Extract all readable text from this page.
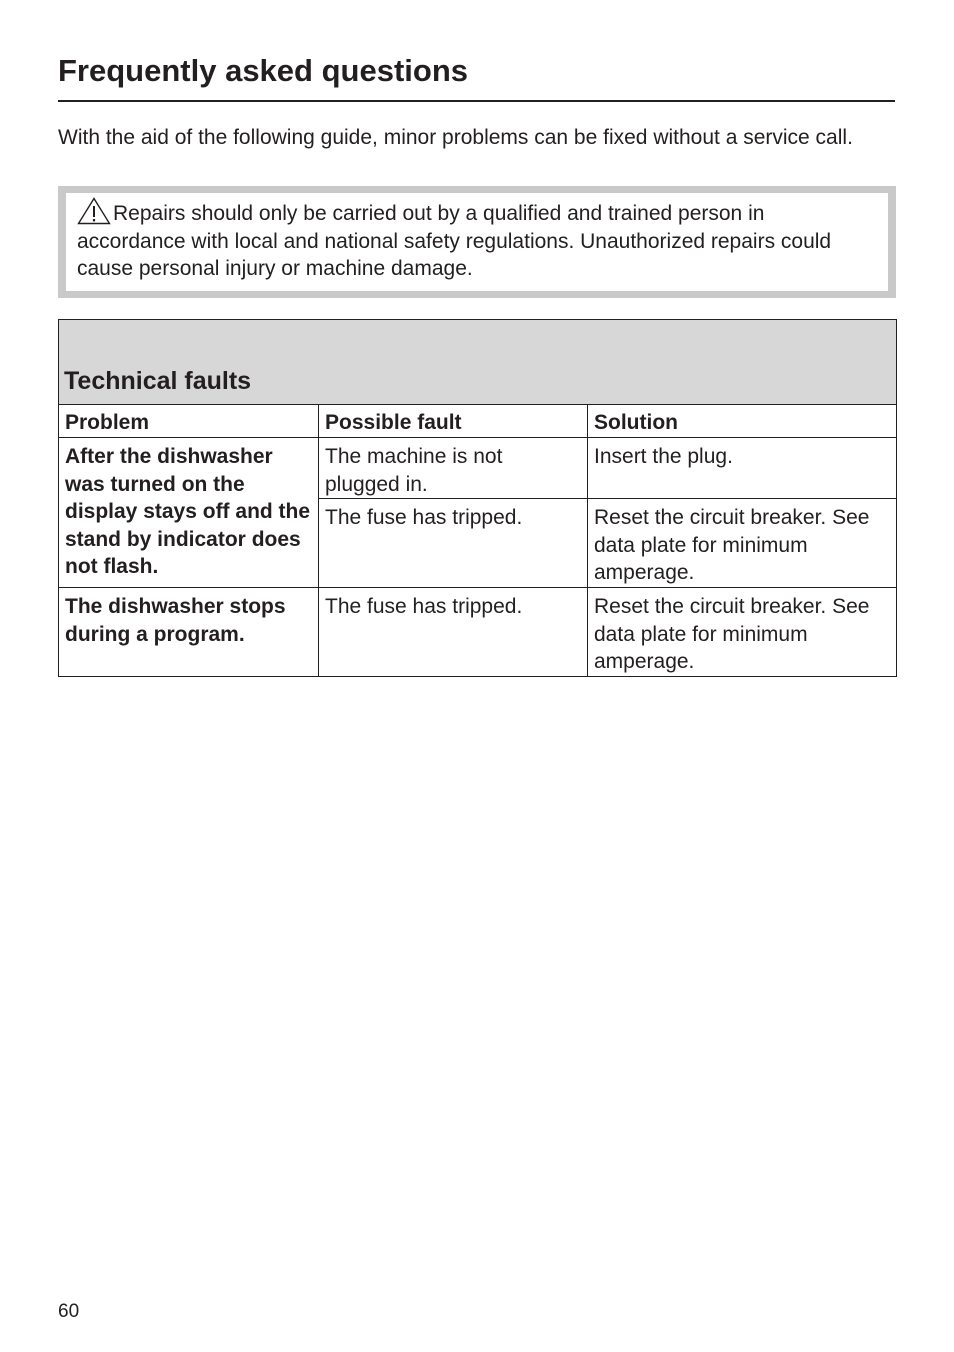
Frequently asked questions

With the aid of the following guide, minor problems can be fixed without a service call.

Repairs should only be carried out by a qualified and trained person in accordance with local and national safety regulations. Unauthorized repairs could cause personal injury or machine damage.
Technical faults		
Problem	Possible fault	Solution
After the dishwasher was turned on the display stays off and the stand by indicator does not flash.	The machine is not plugged in.	Insert the plug.
	The fuse has tripped.	Reset the circuit breaker. See data plate for minimum amperage.
The dishwasher stops during a program.	The fuse has tripped.	Reset the circuit breaker. See data plate for minimum amperage.

60
